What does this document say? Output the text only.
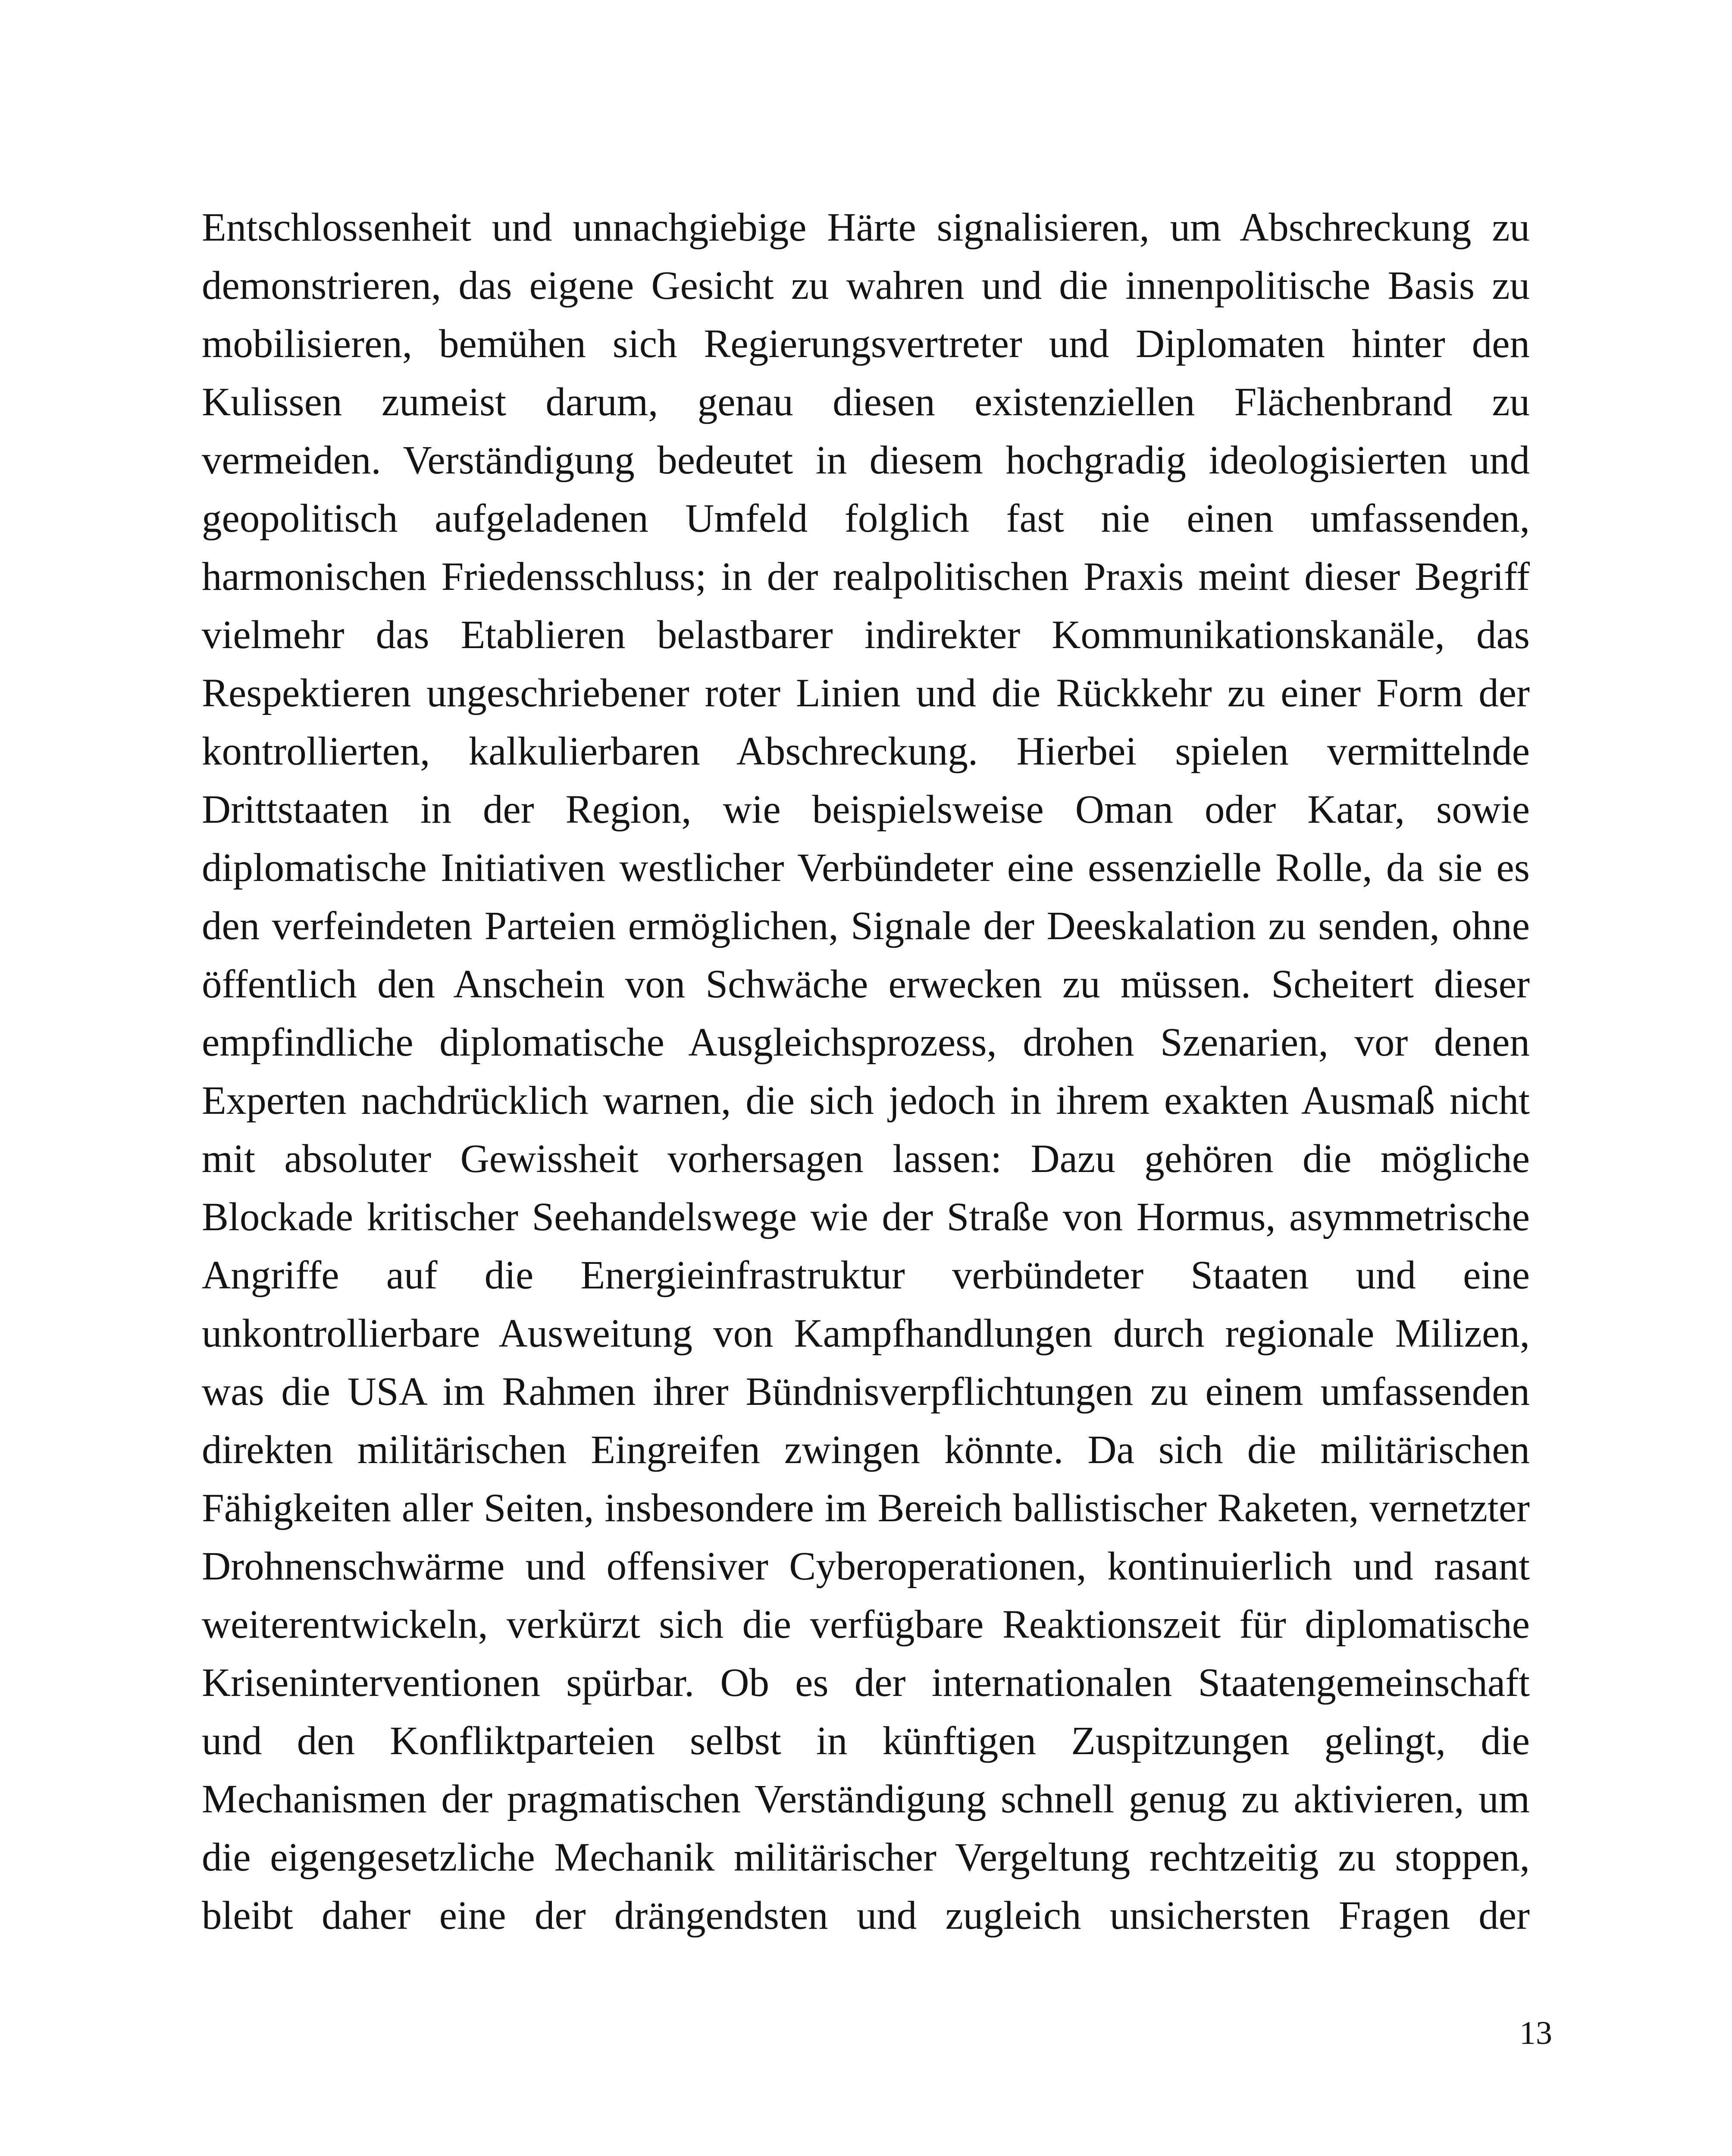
Entschlossenheit und unnachgiebige Härte signalisieren, um Abschreckung zu
demonstrieren, das eigene Gesicht zu wahren und die innenpolitische Basis zu
mobilisieren, bemühen sich Regierungsvertreter und Diplomaten hinter den
Kulissen zumeist darum, genau diesen existenziellen Flächenbrand zu
vermeiden. Verständigung bedeutet in diesem hochgradig ideologisierten und
geopolitisch aufgeladenen Umfeld folglich fast nie einen umfassenden,
harmonischen Friedensschluss; in der realpolitischen Praxis meint dieser Begriff
vielmehr das Etablieren belastbarer indirekter Kommunikationskanäle, das
Respektieren ungeschriebener roter Linien und die Rückkehr zu einer Form der
kontrollierten, kalkulierbaren Abschreckung. Hierbei spielen vermittelnde
Drittstaaten in der Region, wie beispielsweise Oman oder Katar, sowie
diplomatische Initiativen westlicher Verbündeter eine essenzielle Rolle, da sie es
den verfeindeten Parteien ermöglichen, Signale der Deeskalation zu senden, ohne
öffentlich den Anschein von Schwäche erwecken zu müssen. Scheitert dieser
empfindliche diplomatische Ausgleichsprozess, drohen Szenarien, vor denen
Experten nachdrücklich warnen, die sich jedoch in ihrem exakten Ausmaß nicht
mit absoluter Gewissheit vorhersagen lassen: Dazu gehören die mögliche
Blockade kritischer Seehandelswege wie der Straße von Hormus, asymmetrische
Angriffe auf die Energieinfrastruktur verbündeter Staaten und eine
unkontrollierbare Ausweitung von Kampfhandlungen durch regionale Milizen,
was die USA im Rahmen ihrer Bündnisverpflichtungen zu einem umfassenden
direkten militärischen Eingreifen zwingen könnte. Da sich die militärischen
Fähigkeiten aller Seiten, insbesondere im Bereich ballistischer Raketen, vernetzter
Drohnenschwärme und offensiver Cyberoperationen, kontinuierlich und rasant
weiterentwickeln, verkürzt sich die verfügbare Reaktionszeit für diplomatische
Kriseninterventionen spürbar. Ob es der internationalen Staatengemeinschaft
und den Konfliktparteien selbst in künftigen Zuspitzungen gelingt, die
Mechanismen der pragmatischen Verständigung schnell genug zu aktivieren, um
die eigengesetzliche Mechanik militärischer Vergeltung rechtzeitig zu stoppen,
bleibt daher eine der drängendsten und zugleich unsichersten Fragen der
13
